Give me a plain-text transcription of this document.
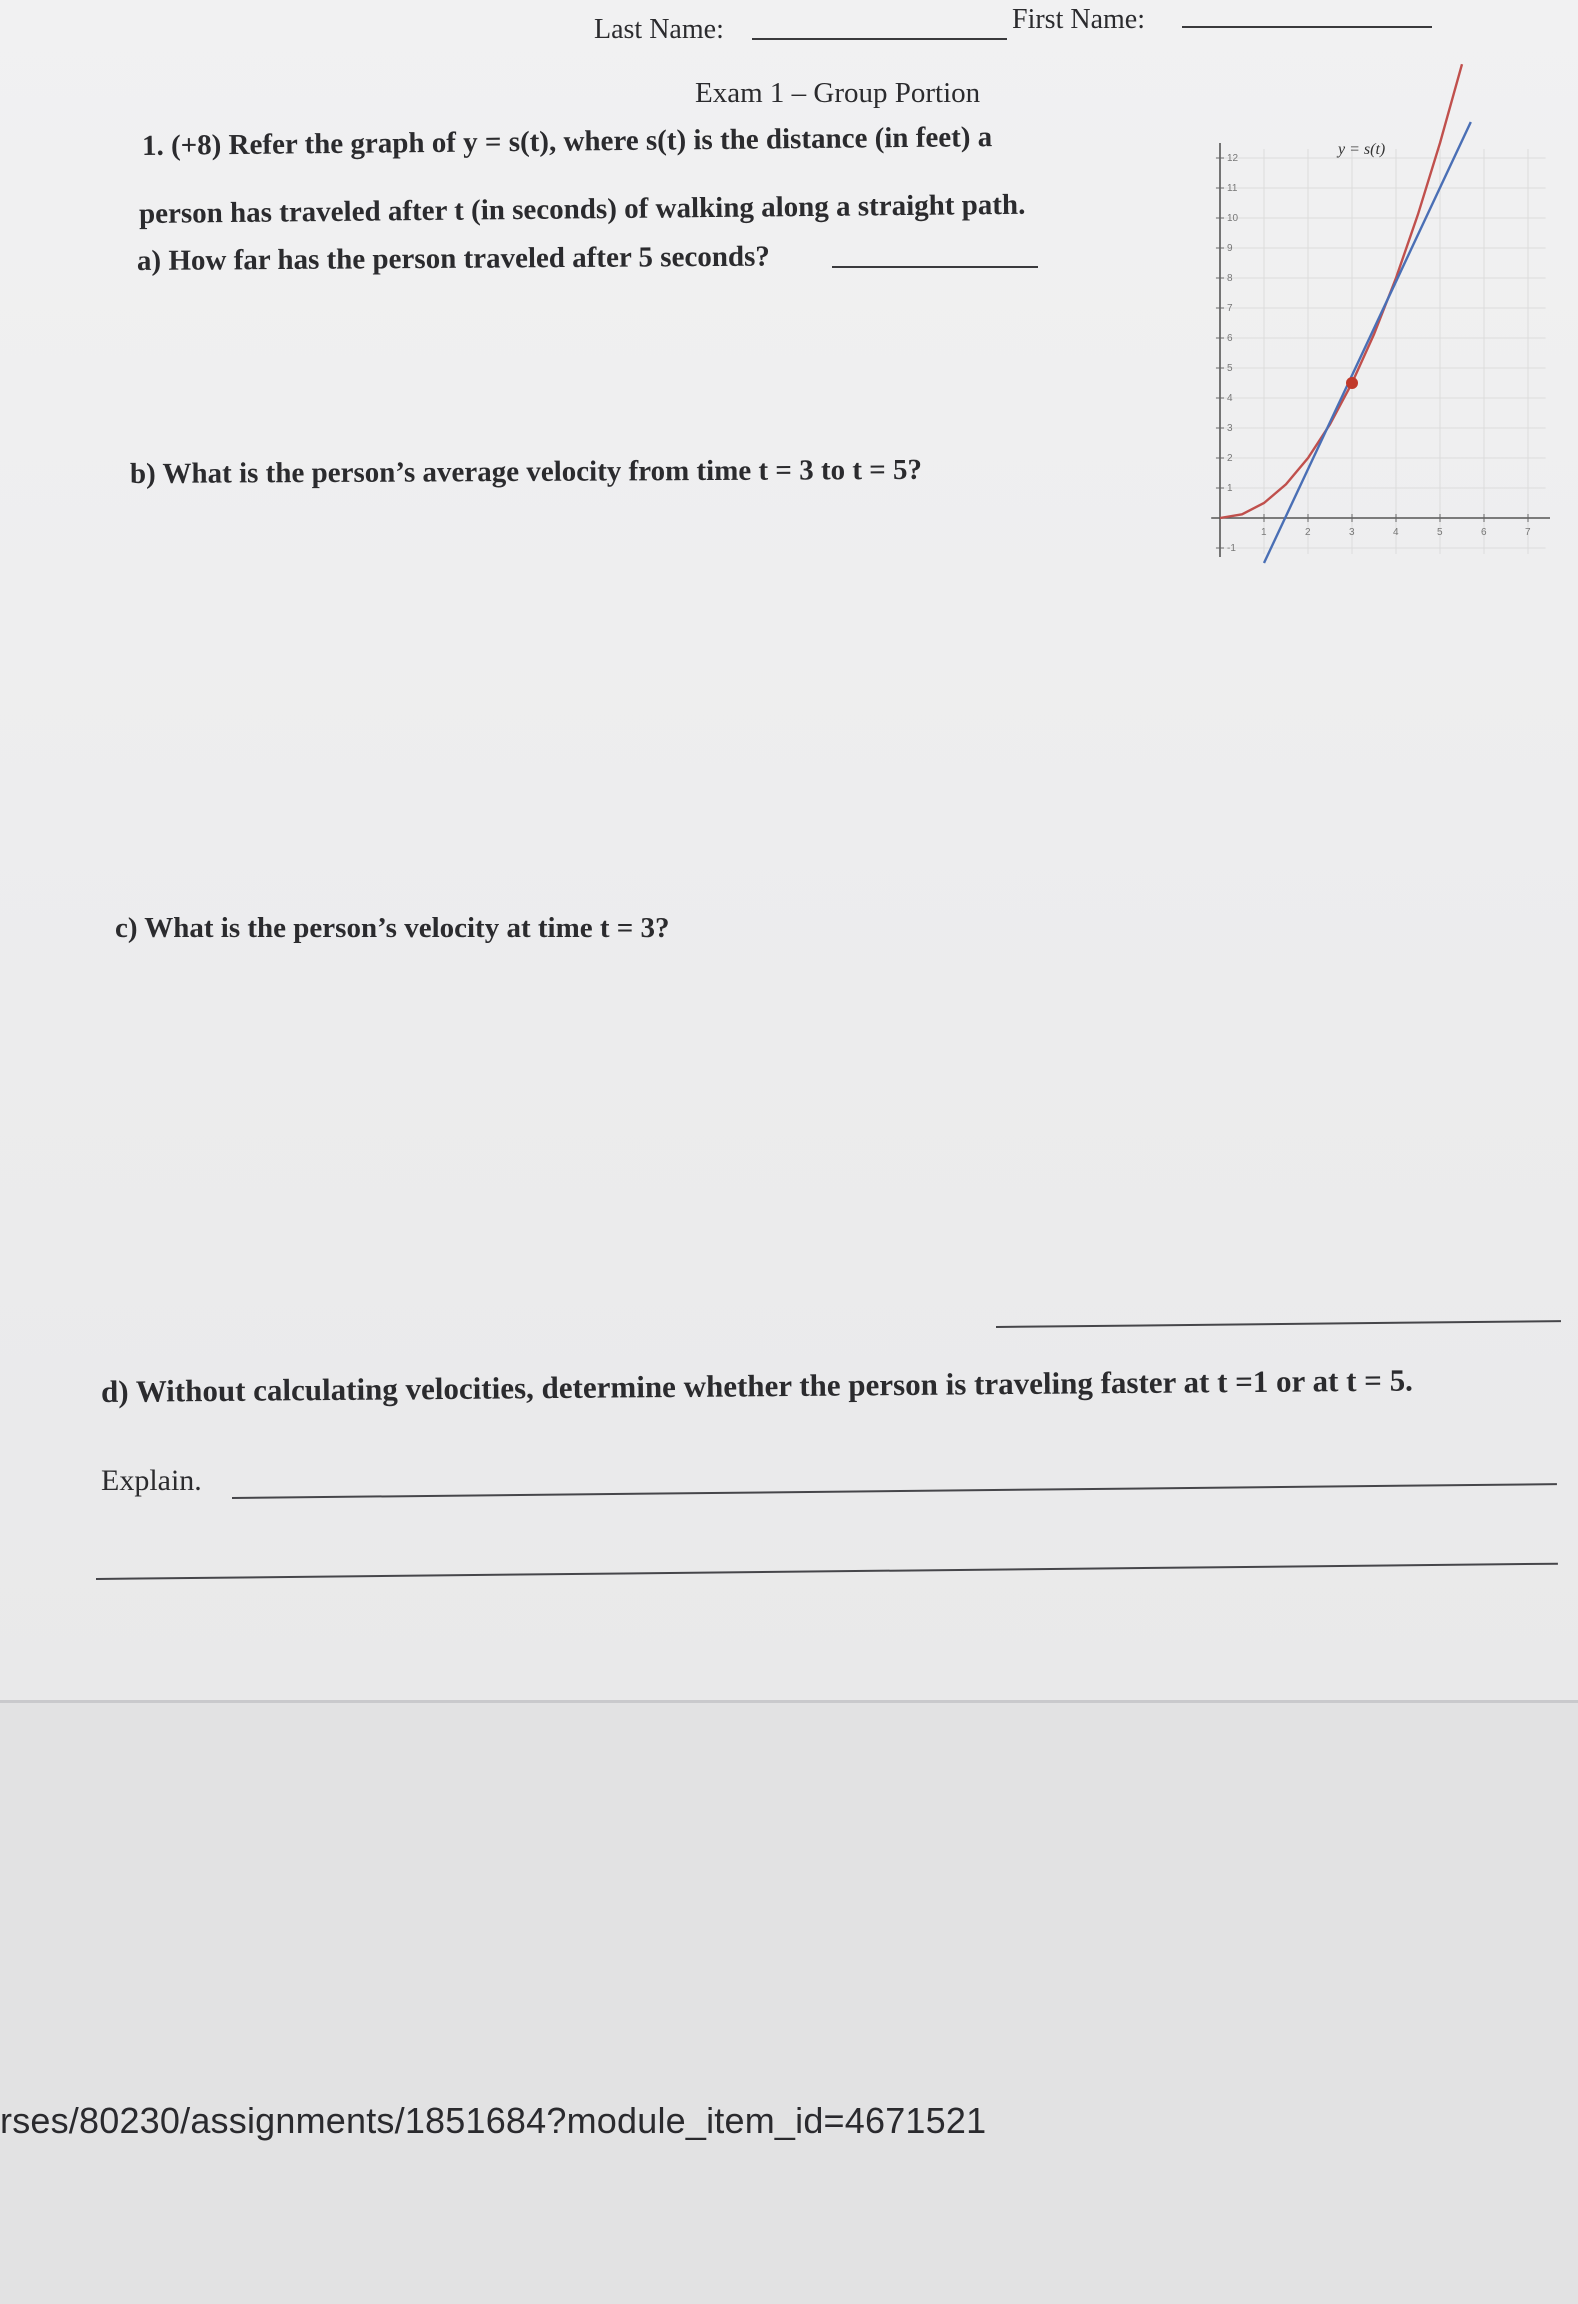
Last Name:	First Name:
Exam 1 – Group Portion
1. (+8) Refer the graph of y = s(t), where s(t) is the distance (in feet) a
person has traveled after t (in seconds) of walking along a straight path.
a) How far has the person traveled after 5 seconds?
b) What is the person’s average velocity from time t = 3 to t = 5?
c) What is the person’s velocity at time t = 3?
d) Without calculating velocities, determine whether the person is traveling faster at t =1 or at t = 5.
Explain.
1	2	3	4	5	6	7
-1
1
2
3
4
5
6
7
8
9
10
11
12
y = s(t)
rses/80230/assignments/1851684?module_item_id=4671521
